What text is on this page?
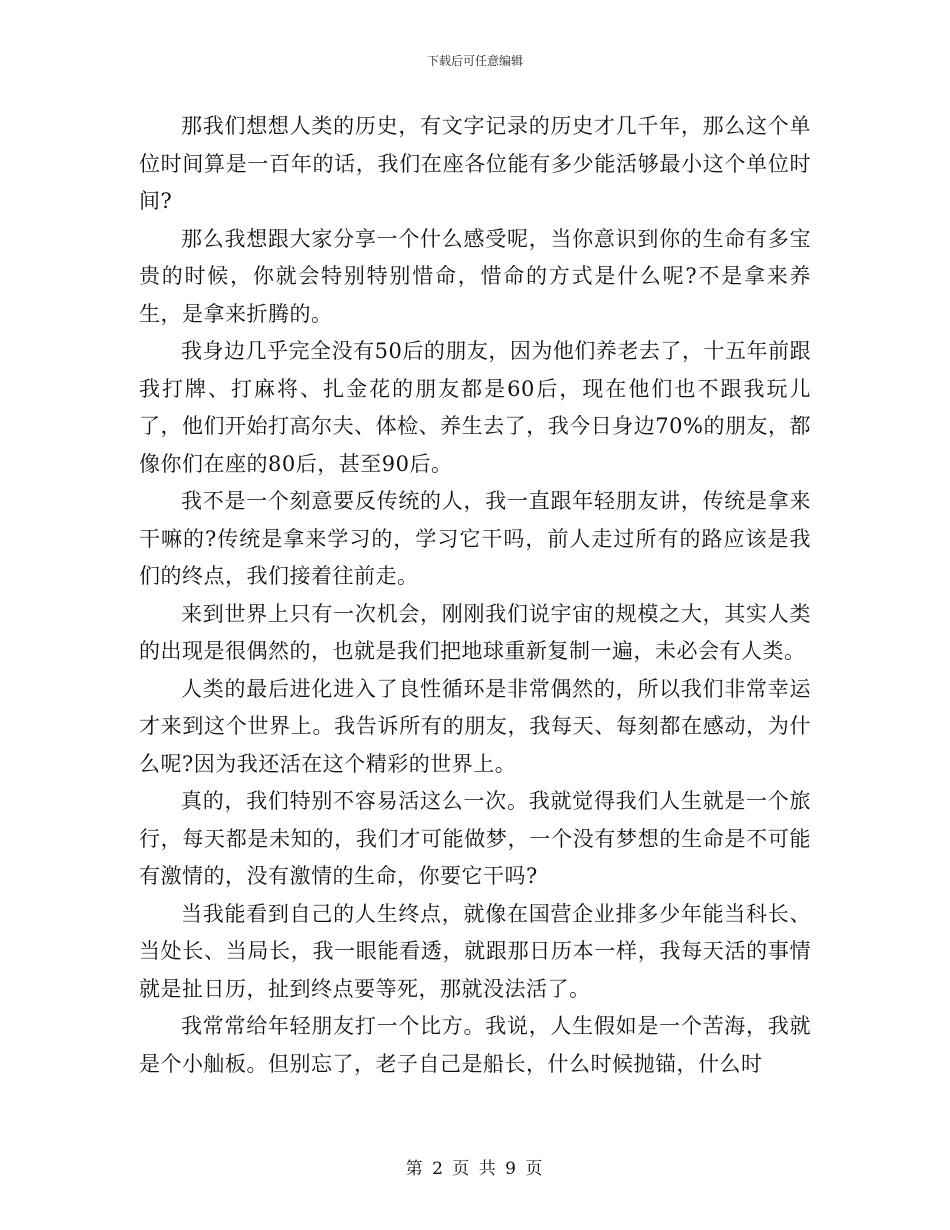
下载后可任意编辑

那我们想想人类的历史，有文字记录的历史才几千年，那么这个单位时间算是一百年的话，我们在座各位能有多少能活够最小这个单位时间?

那么我想跟大家分享一个什么感受呢，当你意识到你的生命有多宝贵的时候，你就会特别特别惜命，惜命的方式是什么呢?不是拿来养生，是拿来折腾的。

我身边几乎完全没有50后的朋友，因为他们养老去了，十五年前跟我打牌、打麻将、扎金花的朋友都是60后，现在他们也不跟我玩儿了，他们开始打高尔夫、体检、养生去了，我今日身边70%的朋友，都像你们在座的80后，甚至90后。

我不是一个刻意要反传统的人，我一直跟年轻朋友讲，传统是拿来干嘛的?传统是拿来学习的，学习它干吗，前人走过所有的路应该是我们的终点，我们接着往前走。

来到世界上只有一次机会，刚刚我们说宇宙的规模之大，其实人类的出现是很偶然的，也就是我们把地球重新复制一遍，未必会有人类。

人类的最后进化进入了良性循环是非常偶然的，所以我们非常幸运才来到这个世界上。我告诉所有的朋友，我每天、每刻都在感动，为什么呢?因为我还活在这个精彩的世界上。

真的，我们特别不容易活这么一次。我就觉得我们人生就是一个旅行，每天都是未知的，我们才可能做梦，一个没有梦想的生命是不可能有激情的，没有激情的生命，你要它干吗?

当我能看到自己的人生终点，就像在国营企业排多少年能当科长、当处长、当局长，我一眼能看透，就跟那日历本一样，我每天活的事情就是扯日历，扯到终点要等死，那就没法活了。

我常常给年轻朋友打一个比方。我说，人生假如是一个苦海，我就是个小舢板。但别忘了，老子自己是船长，什么时候抛锚，什么时

第 2 页 共 9 页
